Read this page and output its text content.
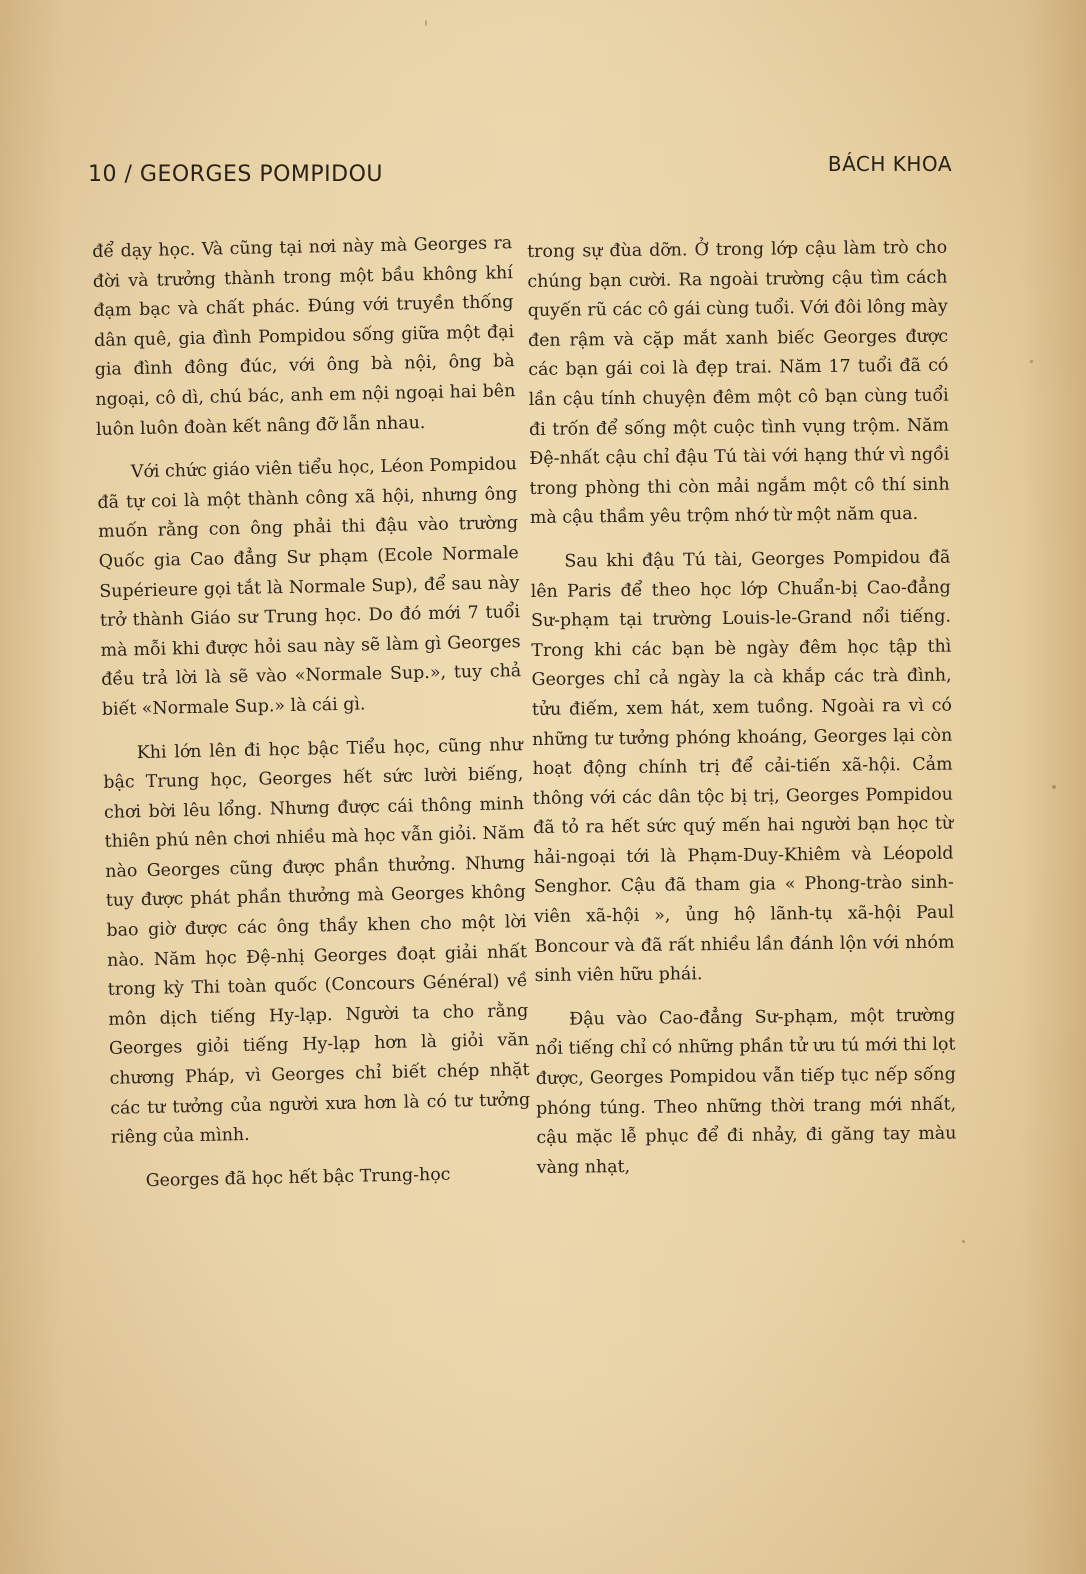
10 / GEORGES POMPIDOU	BÁCH KHOA

để dạy học. Và cũng tại nơi này mà Georges ra đời và trưởng thành trong một bầu không khí đạm bạc và chất phác. Đúng với truyền thống dân quê, gia đình Pompidou sống giữa một đại gia đình đông đúc, với ông bà nội, ông bà ngoại, cô dì, chú bác, anh em nội ngoại hai bên luôn luôn đoàn kết nâng đỡ lẫn nhau.

Với chức giáo viên tiểu học, Léon Pompidou đã tự coi là một thành công xã hội, nhưng ông muốn rằng con ông phải thi đậu vào trường Quốc gia Cao đẳng Sư phạm (Ecole Normale Supérieure gọi tắt là Normale Sup), để sau này trở thành Giáo sư Trung học. Do đó mới 7 tuổi mà mỗi khi được hỏi sau này sẽ làm gì Georges đều trả lời là sẽ vào «Normale Sup.», tuy chả biết «Normale Sup.» là cái gì.

Khi lớn lên đi học bậc Tiểu học, cũng như bậc Trung học, Georges hết sức lười biếng, chơi bời lêu lổng. Nhưng được cái thông minh thiên phú nên chơi nhiều mà học vẫn giỏi. Năm nào Georges cũng được phần thưởng. Nhưng tuy được phát phần thưởng mà Georges không bao giờ được các ông thầy khen cho một lời nào. Năm học Đệ-nhị Georges đoạt giải nhất trong kỳ Thi toàn quốc (Concours Général) về môn dịch tiếng Hy-lạp. Người ta cho rằng Georges giỏi tiếng Hy-lạp hơn là giỏi văn chương Pháp, vì Georges chỉ biết chép nhặt các tư tưởng của người xưa hơn là có tư tưởng riêng của mình.

Georges đã học hết bậc Trung-học

trong sự đùa dỡn. Ở trong lớp cậu làm trò cho chúng bạn cười. Ra ngoài trường cậu tìm cách quyến rũ các cô gái cùng tuổi. Với đôi lông mày đen rậm và cặp mắt xanh biếc Georges được các bạn gái coi là đẹp trai. Năm 17 tuổi đã có lần cậu tính chuyện đêm một cô bạn cùng tuổi đi trốn để sống một cuộc tình vụng trộm. Năm Đệ-nhất cậu chỉ đậu Tú tài với hạng thứ vì ngồi trong phòng thi còn mải ngắm một cô thí sinh mà cậu thầm yêu trộm nhớ từ một năm qua.

Sau khi đậu Tú tài, Georges Pompidou đã lên Paris để theo học lớp Chuẩn-bị Cao-đẳng Sư-phạm tại trường Louis-le-Grand nổi tiếng. Trong khi các bạn bè ngày đêm học tập thì Georges chỉ cả ngày la cà khắp các trà đình, tửu điếm, xem hát, xem tuồng. Ngoài ra vì có những tư tưởng phóng khoáng, Georges lại còn hoạt động chính trị để cải-tiến xã-hội. Cảm thông với các dân tộc bị trị, Georges Pompidou đã tỏ ra hết sức quý mến hai người bạn học từ hải-ngoại tới là Phạm-Duy-Khiêm và Léopold Senghor. Cậu đã tham gia « Phong-trào sinh-viên xã-hội », ủng hộ lãnh-tụ xã-hội Paul Boncour và đã rất nhiều lần đánh lộn với nhóm sinh viên hữu phái.

Đậu vào Cao-đẳng Sư-phạm, một trường nổi tiếng chỉ có những phần tử ưu tú mới thi lọt được, Georges Pompidou vẫn tiếp tục nếp sống phóng túng. Theo những thời trang mới nhất, cậu mặc lễ phục để đi nhảy, đi găng tay màu vàng nhạt,
